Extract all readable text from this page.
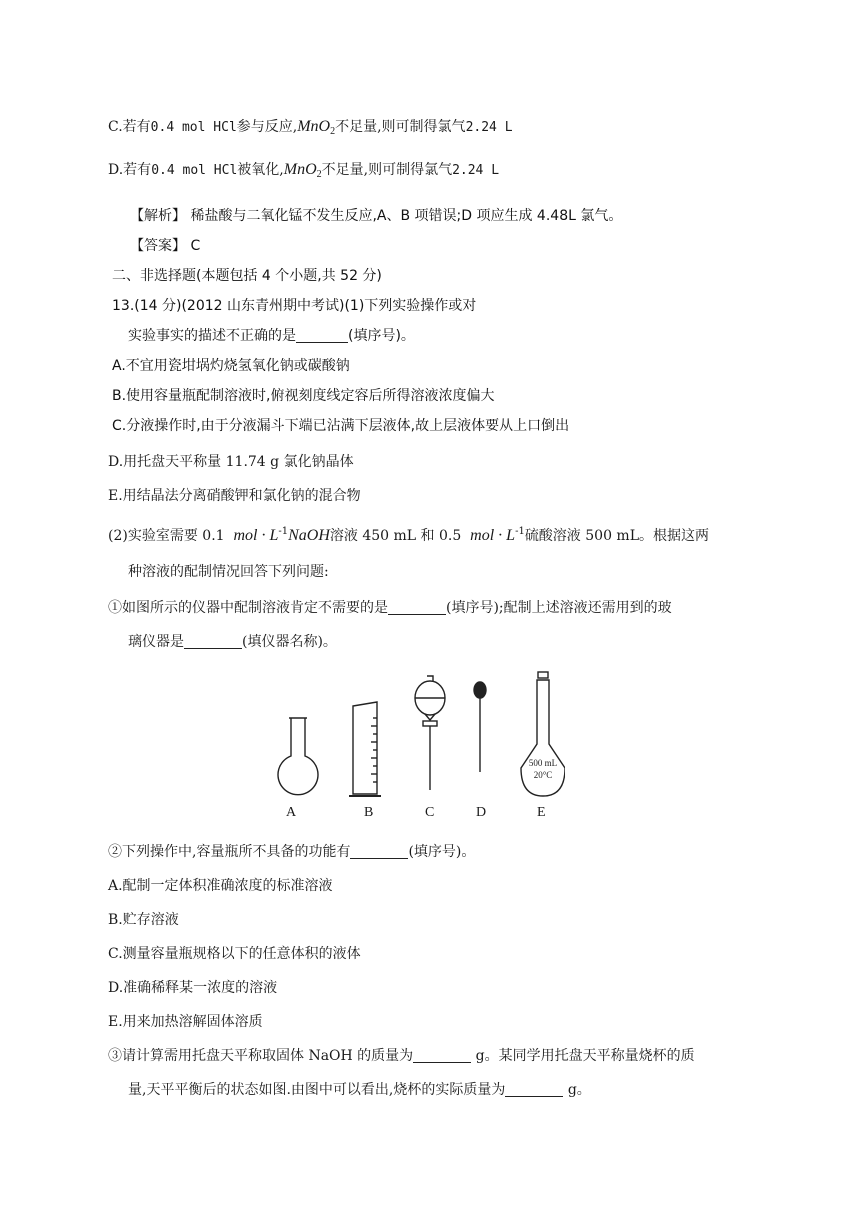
C.若有0.4 mol HCl参与反应,MnO$_2$不足量,则可制得氯气2.24 L
D.若有0.4 mol HCl被氧化,MnO$_2$不足量,则可制得氯气2.24 L
【解析】 稀盐酸与二氧化锰不发生反应,A、B 项错误;D 项应生成 4.48L 氯气。
【答案】 C
二、非选择题(本题包括 4 个小题,共 52 分)
13.(14 分)(2012 山东青州期中考试)(1)下列实验操作或对
实验事实的描述不正确的是	(填序号)。
A.不宜用瓷坩埚灼烧氢氧化钠或碳酸钠
B.使用容量瓶配制溶液时,俯视刻度线定容后所得溶液浓度偏大
C.分液操作时,由于分液漏斗下端已沾满下层液体,故上层液体要从上口倒出
D.用托盘天平称量 11.74 g 氯化钠晶体
E.用结晶法分离硝酸钾和氯化钠的混合物
(2)实验室需要 0.1 mol · $L^{-1}NaOH$溶液 450 mL 和 0.5 mol · $L^{-1}$硫酸溶液 500 mL。根据这两
种溶液的配制情况回答下列问题:
①如图所示的仪器中配制溶液肯定不需要的是	(填序号);配制上述溶液还需用到的玻
璃仪器是	(填仪器名称)。
500 mL
20°C
A	B	C	D	E
②下列操作中,容量瓶所不具备的功能有	(填序号)。
A.配制一定体积准确浓度的标准溶液
B.贮存溶液
C.测量容量瓶规格以下的任意体积的液体
D.准确稀释某一浓度的溶液
E.用来加热溶解固体溶质
③请计算需用托盘天平称取固体 NaOH 的质量为	g。某同学用托盘天平称量烧杯的质
量,天平平衡后的状态如图.由图中可以看出,烧杯的实际质量为	g。
